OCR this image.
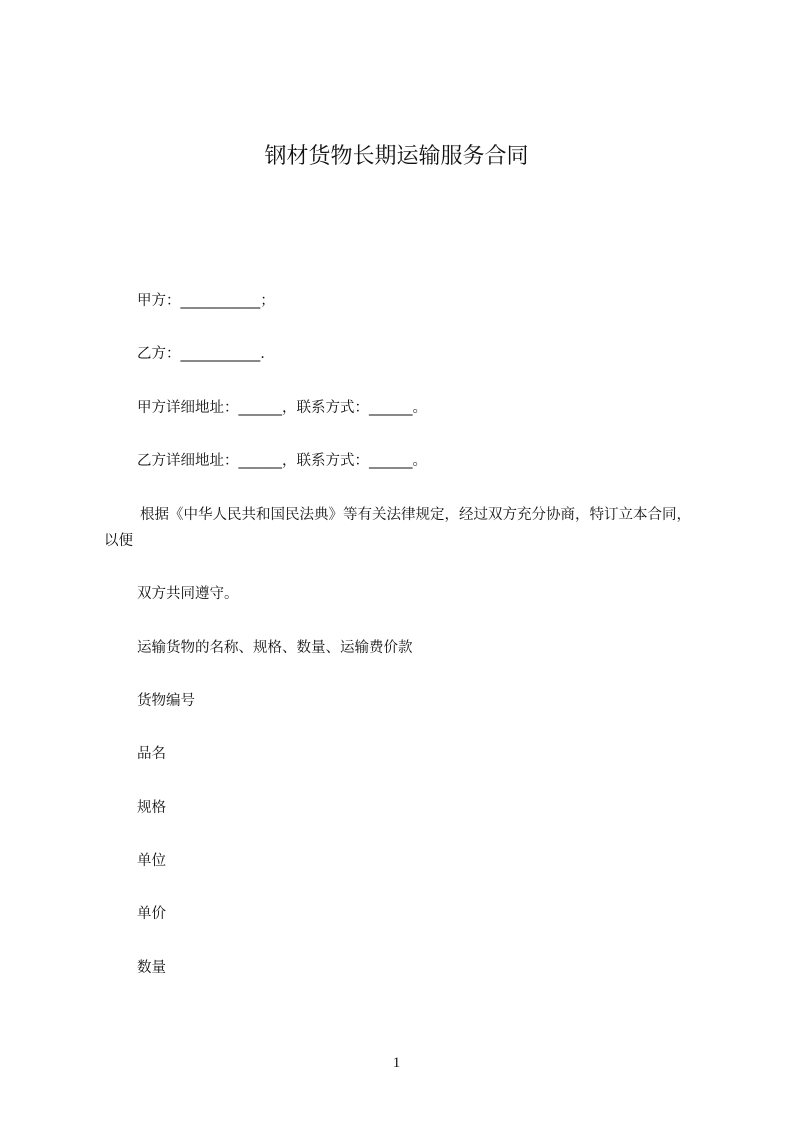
钢材货物长期运输服务合同
甲方：___________；
乙方：___________.
甲方详细地址：______，联系方式：______。
乙方详细地址：______，联系方式：______。
根据《中华人民共和国民法典》等有关法律规定，经过双方充分协商，特订立本合同，以便
双方共同遵守。
运输货物的名称、规格、数量、运输费价款
货物编号
品名
规格
单位
单价
数量
1
